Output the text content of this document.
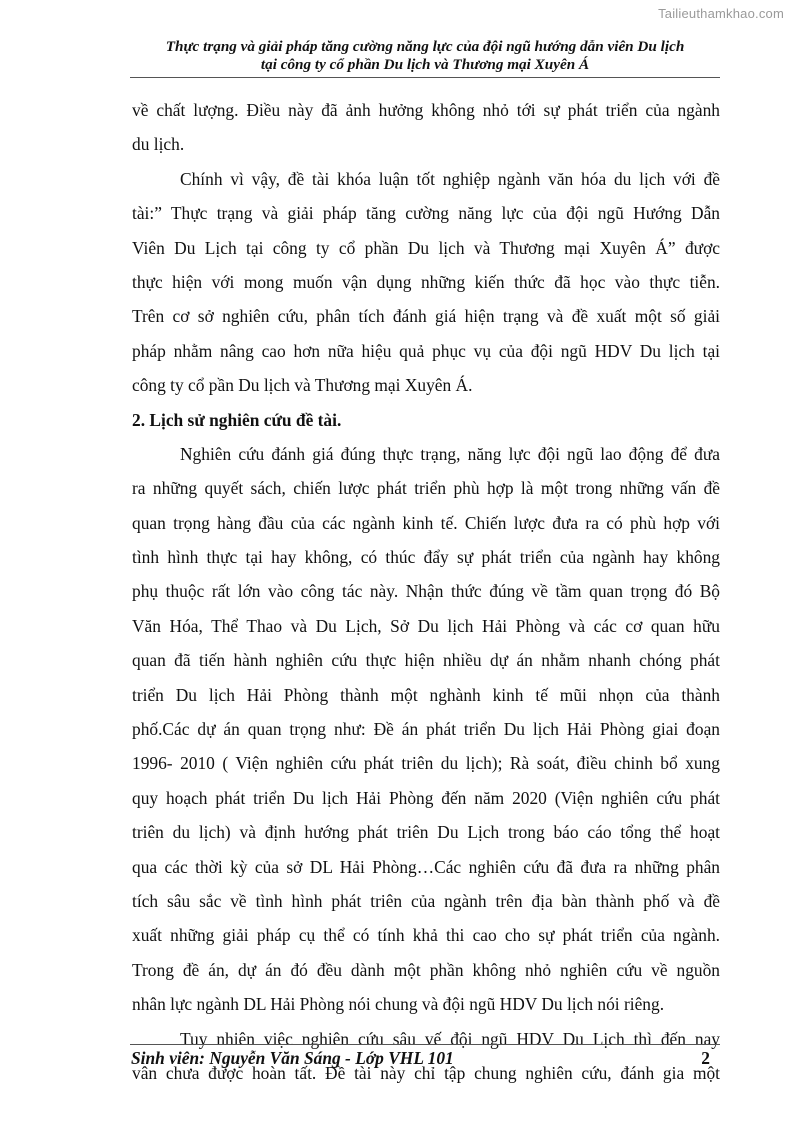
Tailieuthamkhao.com
Thực trạng và giải pháp tăng cường năng lực của đội ngũ hướng dẫn viên Du lịch
tại công ty cổ phần Du lịch và Thương mại Xuyên Á
về chất lượng. Điều này đã ảnh hưởng không nhỏ tới sự phát triển của ngành
du lịch.
Chính vì vậy, đề tài khóa luận tốt nghiệp ngành văn hóa du lịch với đề
tài:” Thực trạng và giải pháp tăng cường năng lực của đội ngũ Hướng Dẫn
Viên Du Lịch tại công ty cổ phần Du lịch và Thương mại Xuyên Á” được
thực hiện với mong muốn vận dụng những kiến thức đã học vào thực tiễn.
Trên cơ sở nghiên cứu, phân tích đánh giá hiện trạng và đề xuất một số giải
pháp nhằm nâng cao hơn nữa hiệu quả phục vụ của đội ngũ HDV Du lịch tại
công ty cổ pần Du lịch và Thương mại Xuyên Á.
2. Lịch sử nghiên cứu đề tài.
Nghiên cứu đánh giá đúng thực trạng, năng lực đội ngũ lao động để đưa
ra những quyết sách, chiến lược phát triển phù hợp là một trong những vấn đề
quan trọng hàng đầu của các ngành kinh tế. Chiến lược đưa ra có phù hợp với
tình hình thực tại hay không, có thúc đẩy sự phát triển của ngành hay không
phụ thuộc rất lớn vào công tác này. Nhận thức đúng về tầm quan trọng đó Bộ
Văn Hóa, Thể Thao và Du Lịch, Sở Du lịch Hải Phòng và các cơ quan hữu
quan đã tiến hành nghiên cứu thực hiện nhiều dự án nhằm nhanh chóng phát
triển Du lịch Hải Phòng thành một nghành kinh tế mũi nhọn của thành
phố.Các dự án quan trọng như: Đề án phát triển Du lịch Hải Phòng giai đoạn
1996- 2010 ( Viện nghiên cứu phát triên du lịch); Rà soát, điều chinh bổ xung
quy hoạch phát triển Du lịch Hải Phòng đến năm 2020 (Viện nghiên cứu phát
triên du lịch) và định hướng phát triên Du Lịch trong báo cáo tổng thể hoạt
qua các thời kỳ của sở DL Hải Phòng…Các nghiên cứu đã đưa ra những phân
tích sâu sắc về tình hình phát triên của ngành trên địa bàn thành phố và đề
xuất những giải pháp cụ thể có tính khả thi cao cho sự phát triển của ngành.
Trong đề án, dự án đó đều dành một phần không nhỏ nghiên cứu về nguồn
nhân lực ngành DL Hải Phòng nói chung và đội ngũ HDV Du lịch nói riêng.
Tuy nhiên việc nghiên cứu sâu vế đội ngũ HDV Du Lịch thì đến nay
vân chưa được hoàn tất. Đề tài này chỉ tập chung nghiên cứu, đánh gia một
Sinh viên: Nguyễn Văn Sáng - Lớp VHL 101	2
